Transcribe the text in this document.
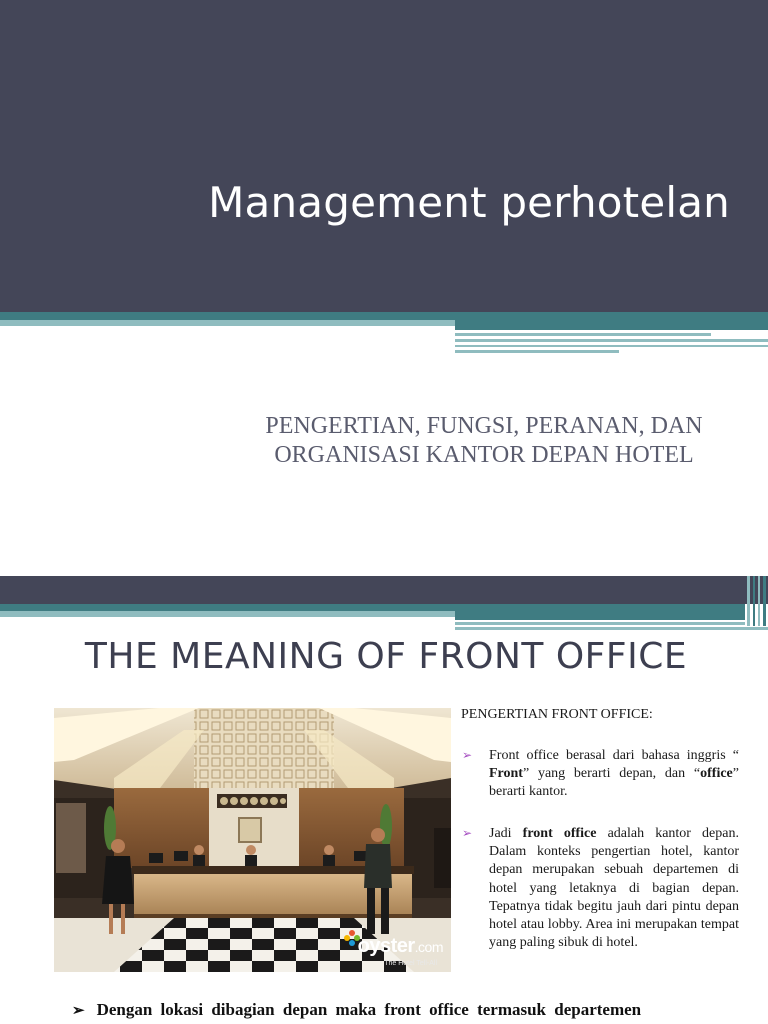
Management perhotelan
PENGERTIAN, FUNGSI, PERANAN, DAN
ORGANISASI KANTOR DEPAN HOTEL
THE MEANING OF FRONT OFFICE
oyster.com
The Hotel Tell-All
PENGERTIAN FRONT OFFICE:
➢ Front office berasal dari bahasa inggris “ Front” yang berarti depan, dan “office” berarti kantor.
➢ Jadi front office adalah kantor depan. Dalam konteks pengertian hotel, kantor depan merupakan sebuah departemen di hotel yang letaknya di bagian depan. Tepatnya tidak begitu jauh dari pintu depan hotel atau lobby. Area ini merupakan tempat yang paling sibuk di hotel.
➢ Dengan lokasi dibagian depan maka front office termasuk departemen
